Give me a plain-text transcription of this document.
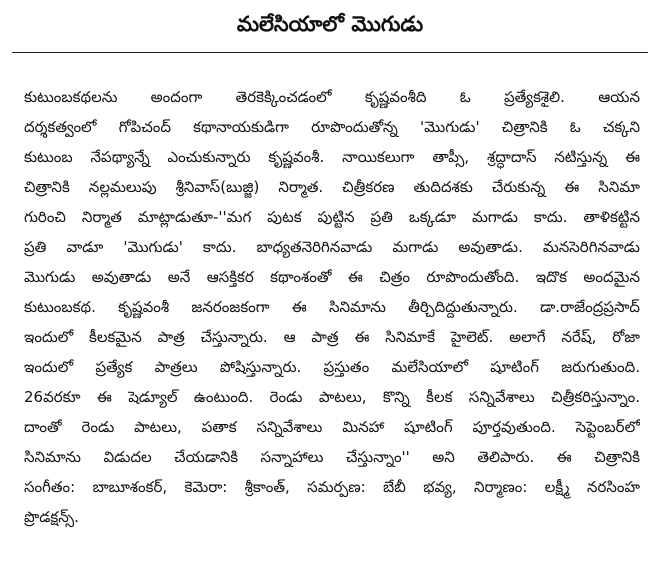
మలేసియాలో మొగుడు
కుటుంబకథలను అందంగా తెరకెక్కించడంలో కృష్ణవంశీది ఓ ప్రత్యేకశైలి. ఆయన
దర్శకత్వంలో గోపిచంద్ కథానాయకుడిగా రూపొందుతోన్న 'మొగుడు' చిత్రానికి ఓ చక్కని
కుటుంబ నేపథ్యాన్నే ఎంచుకున్నారు కృష్ణవంశీ. నాయికలుగా తాప్సీ, శ్రద్ధాదాస్ నటిస్తున్న ఈ
చిత్రానికి నల్లమలుపు శ్రీనివాస్(బుజ్జి) నిర్మాత. చిత్రీకరణ తుదిదశకు చేరుకున్న ఈ సినిమా
గురించి నిర్మాత మాట్లాడుతూ-''మగ పుటక పుట్టిన ప్రతి ఒక్కడూ మగాడు కాదు. తాళికట్టిన
ప్రతి వాడూ 'మొగుడు' కాదు. బాధ్యతనెరిగినవాడు మగాడు అవుతాడు. మనసెరిగినవాడు
మొగుడు అవుతాడు అనే ఆసక్తికర కథాంశంతో ఈ చిత్రం రూపొందుతోంది. ఇదొక అందమైన
కుటుంబకథ. కృష్ణవంశీ జనరంజకంగా ఈ సినిమాను తీర్చిదిద్దుతున్నారు. డా.రాజేంద్రప్రసాద్
ఇందులో కీలకమైన పాత్ర చేస్తున్నారు. ఆ పాత్ర ఈ సినిమాకే హైలెట్. అలాగే నరేష్, రోజా
ఇందులో ప్రత్యేక పాత్రలు పోషిస్తున్నారు. ప్రస్తుతం మలేసియాలో షూటింగ్ జరుగుతుంది.
26వరకూ ఈ షెడ్యూల్ ఉంటుంది. రెండు పాటలు, కొన్ని కీలక సన్నివేశాలు చిత్రీకరిస్తున్నాం.
దాంతో రెండు పాటలు, పతాక సన్నివేశాలు మినహా షూటింగ్ పూర్తవుతుంది. సెప్టెంబర్‌లో
సినిమాను విడుదల చేయడానికి సన్నాహాలు చేస్తున్నాం'' అని తెలిపారు. ఈ చిత్రానికి
సంగీతం: బాబూశంకర్, కెమెరా: శ్రీకాంత్, సమర్పణ: బేబీ భవ్య, నిర్మాణం: లక్ష్మీ నరసింహ
ప్రొడక్షన్స్.
